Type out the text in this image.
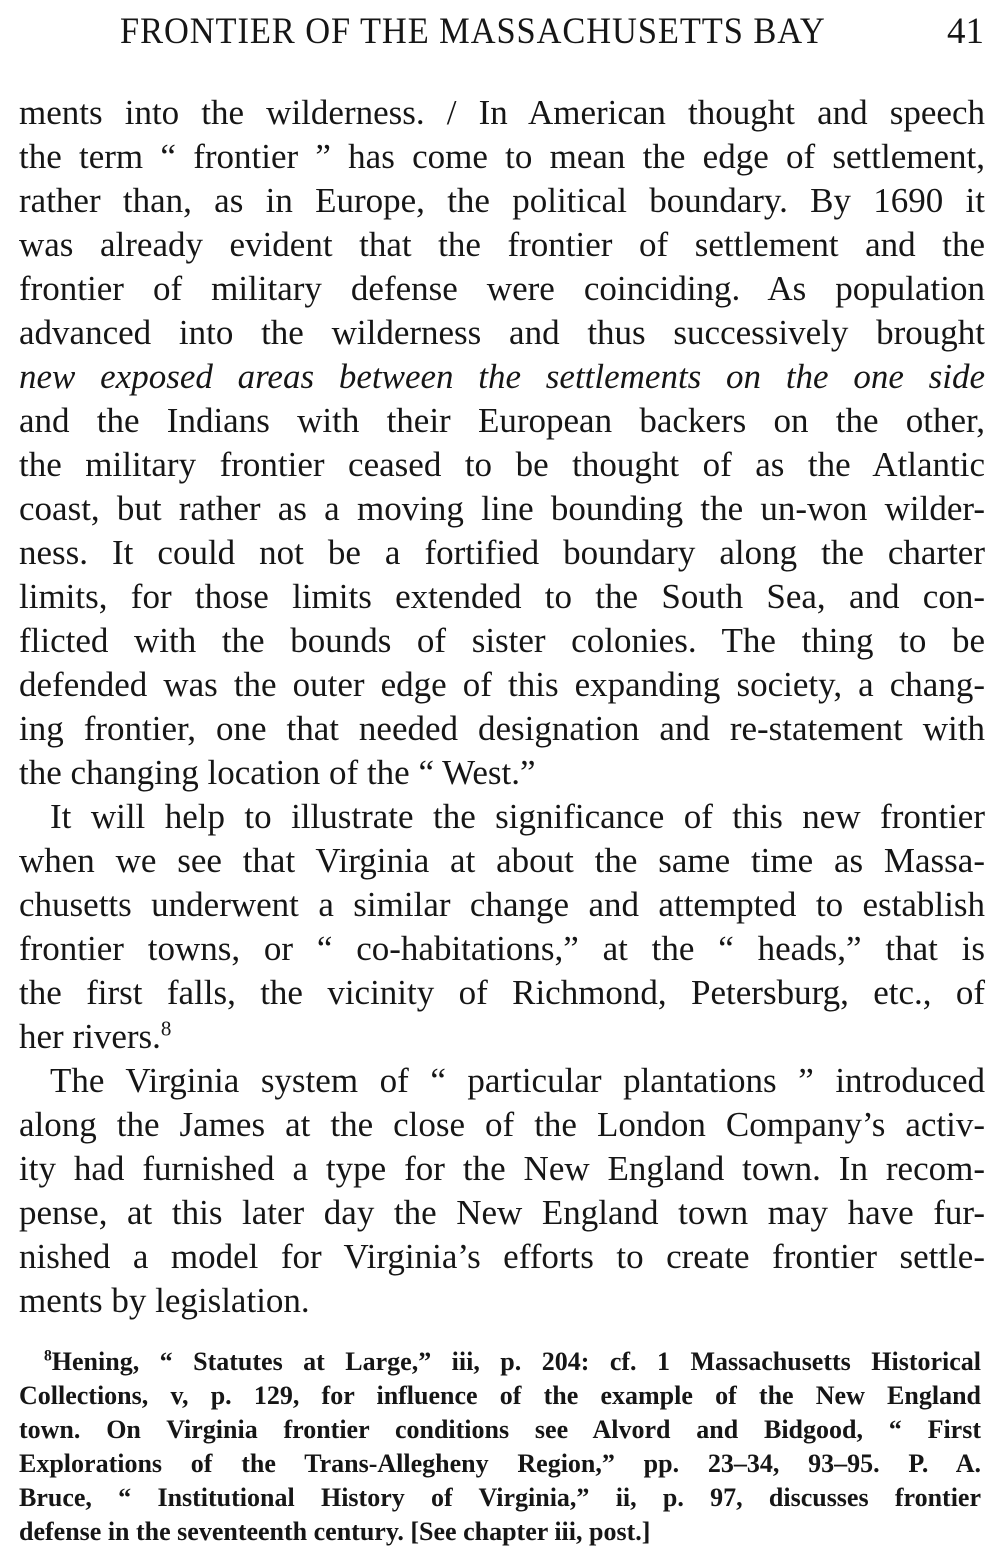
FRONTIER OF THE MASSACHUSETTS BAY	41
ments into the wilderness. / In American thought and speech
the term “ frontier ” has come to mean the edge of settlement,
rather than, as in Europe, the political boundary. By 1690 it
was already evident that the frontier of settlement and the
frontier of military defense were coinciding. As population
advanced into the wilderness and thus successively brought
new exposed areas between the settlements on the one side
and the Indians with their European backers on the other,
the military frontier ceased to be thought of as the Atlantic
coast, but rather as a moving line bounding the un-won wilder-
ness. It could not be a fortified boundary along the charter
limits, for those limits extended to the South Sea, and con-
flicted with the bounds of sister colonies. The thing to be
defended was the outer edge of this expanding society, a chang-
ing frontier, one that needed designation and re-statement with
the changing location of the “ West.”
It will help to illustrate the significance of this new frontier
when we see that Virginia at about the same time as Massa-
chusetts underwent a similar change and attempted to establish
frontier towns, or “ co-habitations,” at the “ heads,” that is
the first falls, the vicinity of Richmond, Petersburg, etc., of
her rivers.$^8$
The Virginia system of “ particular plantations ” introduced
along the James at the close of the London Company’s activ-
ity had furnished a type for the New England town. In recom-
pense, at this later day the New England town may have fur-
nished a model for Virginia’s efforts to create frontier settle-
ments by legislation.
$^8$Hening, “ Statutes at Large,” iii, p. 204: cf. 1 Massachusetts Historical
Collections, v, p. 129, for influence of the example of the New England
town. On Virginia frontier conditions see Alvord and Bidgood, “ First
Explorations of the Trans-Allegheny Region,” pp. 23–34, 93–95. P. A.
Bruce, “ Institutional History of Virginia,” ii, p. 97, discusses frontier
defense in the seventeenth century. [See chapter iii, post.]
